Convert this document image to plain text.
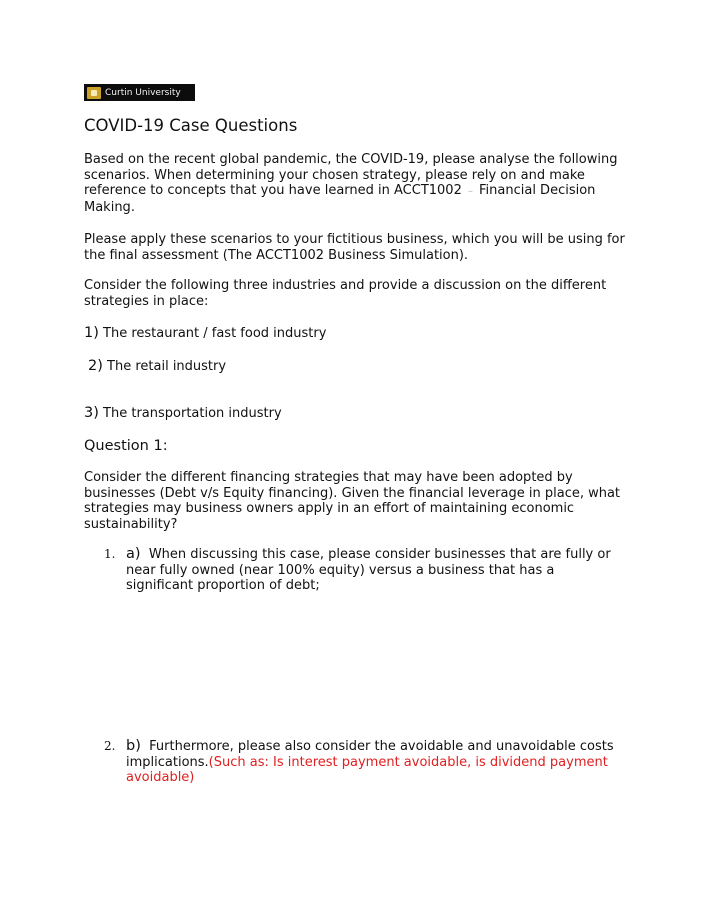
Curtin University
COVID-19 Case Questions

Based on the recent global pandemic, the COVID-19, please analyse the following scenarios. When determining your chosen strategy, please rely on and make reference to concepts that you have learned in ACCT1002 – Financial Decision Making.

Please apply these scenarios to your fictitious business, which you will be using for the final assessment (The ACCT1002 Business Simulation).

Consider the following three industries and provide a discussion on the different strategies in place:

1) The restaurant / fast food industry

2) The retail industry

3) The transportation industry

Question 1:

Consider the different financing strategies that may have been adopted by businesses (Debt v/s Equity financing). Given the financial leverage in place, what strategies may business owners apply in an effort of maintaining economic sustainability?

1. a) When discussing this case, please consider businesses that are fully or near fully owned (near 100% equity) versus a business that has a significant proportion of debt;
2. b) Furthermore, please also consider the avoidable and unavoidable costs implications.(Such as: Is interest payment avoidable, is dividend payment avoidable)
